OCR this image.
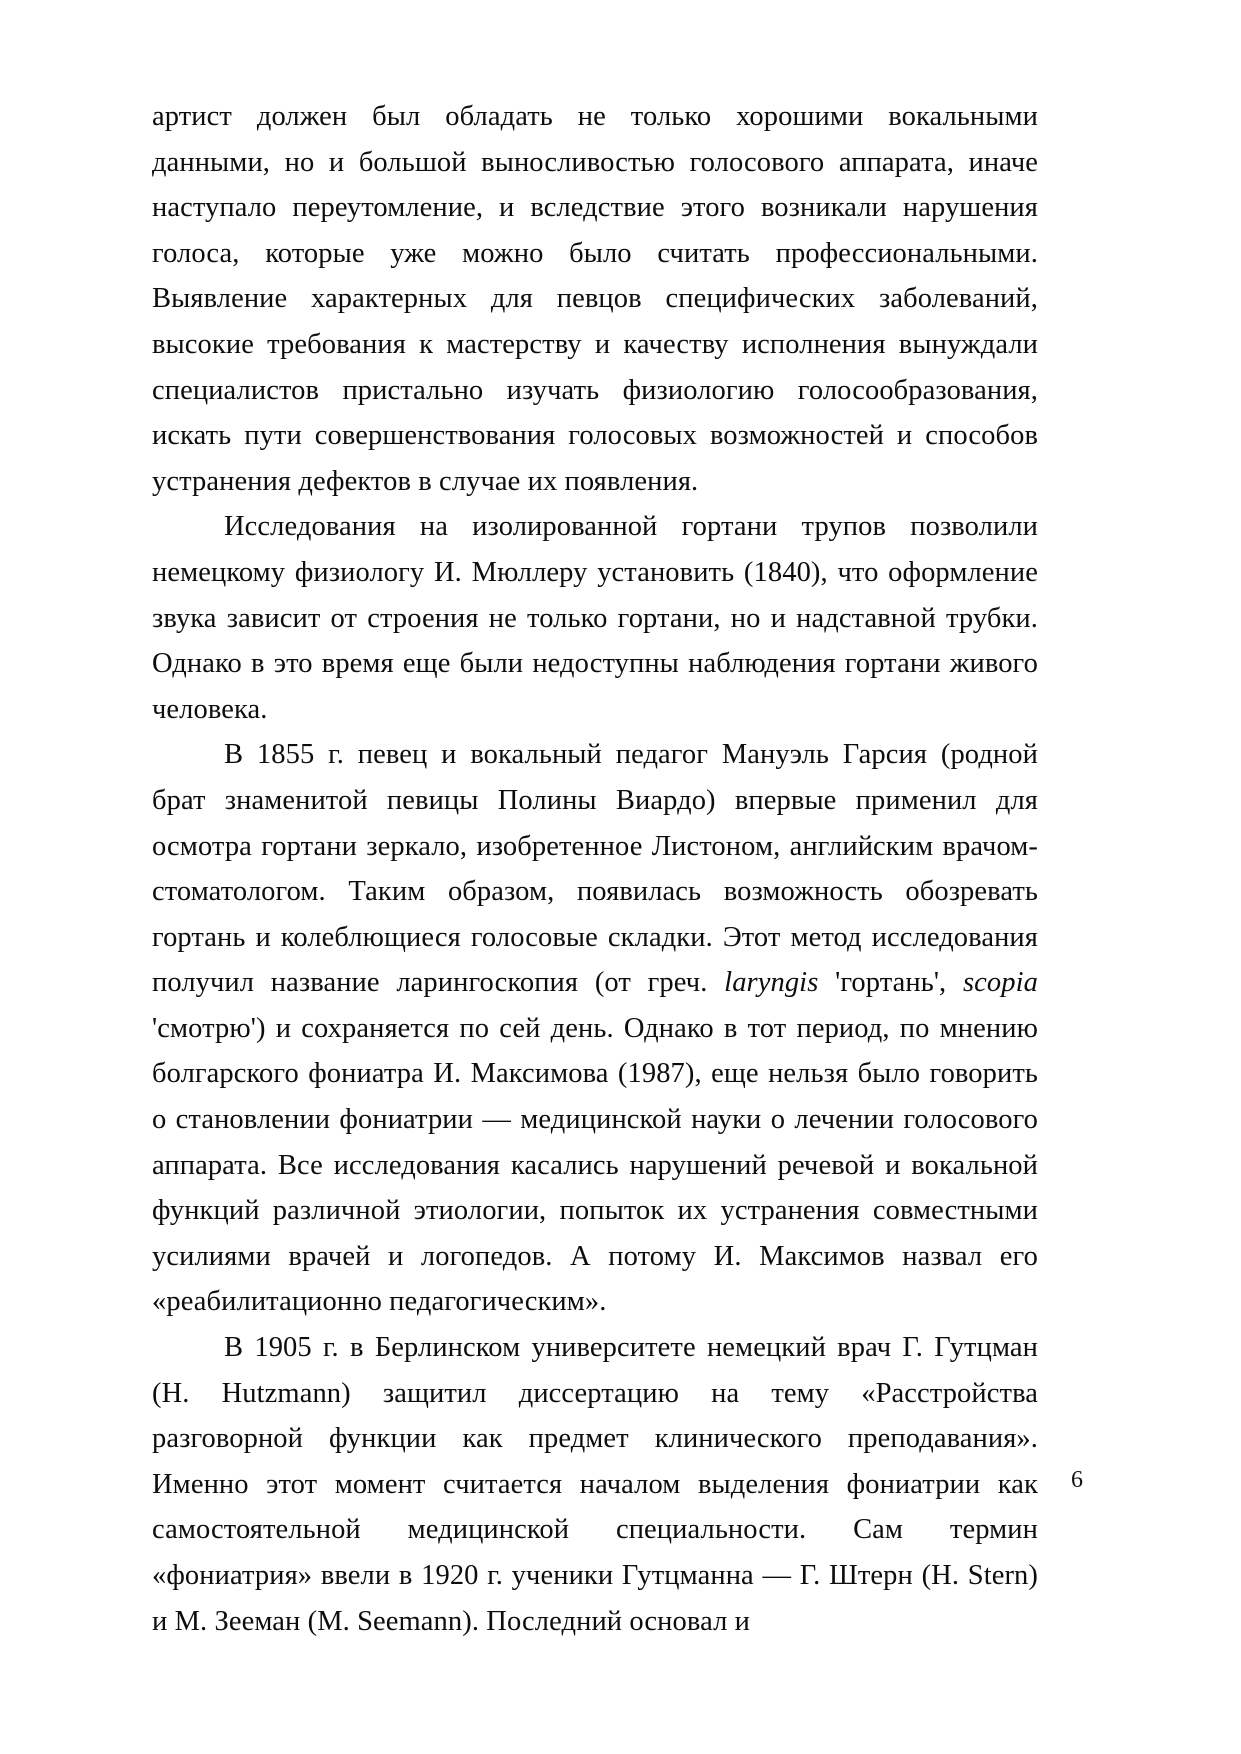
артист должен был обладать не только хорошими вокальными данными, но и большой выносливостью голосового аппарата, иначе наступало переутомление, и вследствие этого возникали нарушения голоса, которые уже можно было считать профессиональными. Выявление характерных для певцов специфических заболеваний, высокие требования к мастерству и качеству исполнения вынуждали специалистов пристально изучать физиологию голосообразования, искать пути совершенствования голосовых возможностей и способов устранения дефектов в случае их появления.

Исследования на изолированной гортани трупов позволили немецкому физиологу И. Мюллеру установить (1840), что оформление звука зависит от строения не только гортани, но и надставной трубки. Однако в это время еще были недоступны наблюдения гортани живого человека.

В 1855 г. певец и вокальный педагог Мануэль Гарсия (родной брат знаменитой певицы Полины Виардо) впервые применил для осмотра гортани зеркало, изобретенное Листоном, английским врачом-стоматологом. Таким образом, появилась возможность обозревать гортань и колеблющиеся голосовые складки. Этот метод исследования получил название ларингоскопия (от греч. laryngis 'гортань', scopia 'смотрю') и сохраняется по сей день. Однако в тот период, по мнению болгарского фониатра И. Максимова (1987), еще нельзя было говорить о становлении фониатрии — медицинской науки о лечении голосового аппарата. Все исследования касались нарушений речевой и вокальной функций различной этиологии, попыток их устранения совместными усилиями врачей и логопедов. А потому И. Максимов назвал его «реабилитационно педагогическим».

В 1905 г. в Берлинском университете немецкий врач Г. Гутцман (H. Hutzmann) защитил диссертацию на тему «Расстройства разговорной функции как предмет клинического преподавания». Именно этот момент считается началом выделения фониатрии как самостоятельной медицинской специальности. Сам термин «фониатрия» ввели в 1920 г. ученики Гутцманна — Г. Штерн (H. Stern) и М. Зееман (M. Seemann). Последний основал и

6
